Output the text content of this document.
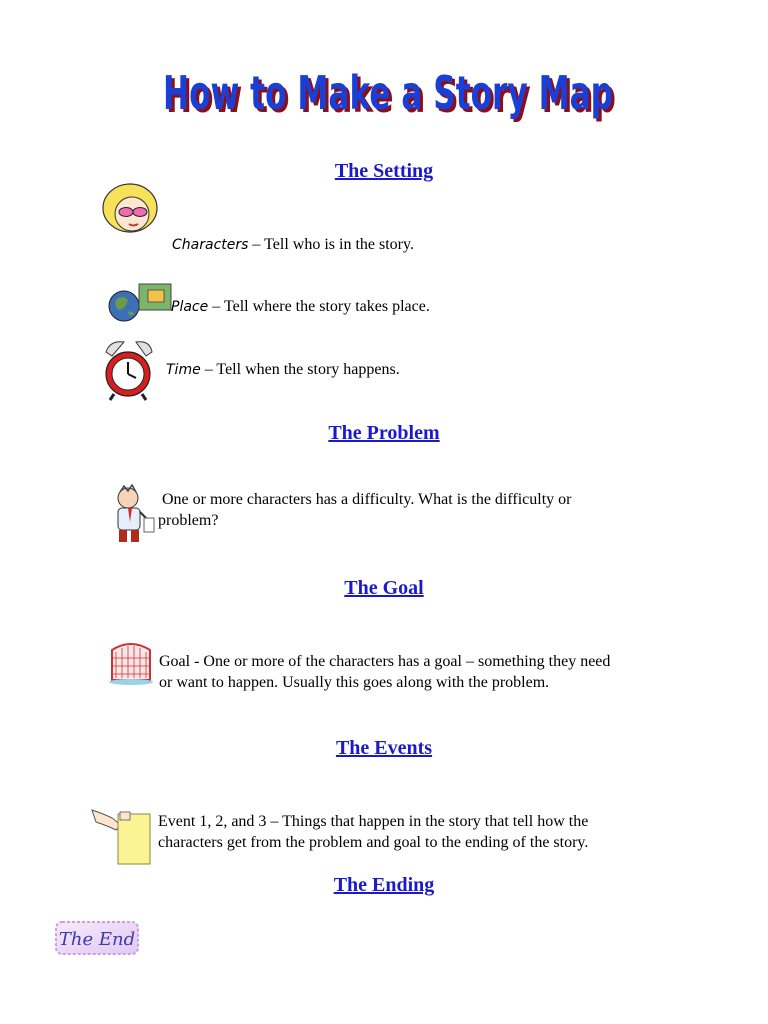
How to Make a Story Map
How to Make a Story Map
The Setting
Characters – Tell who is in the story.
Place – Tell where the story takes place.
Time – Tell when the story happens.
The Problem
One or more characters has a difficulty. What is the difficulty or
problem?
The Goal
Goal - One or more of the characters has a goal – something they need
or want to happen. Usually this goes along with the problem.
The Events
Event 1, 2, and 3 – Things that happen in the story that tell how the
characters get from the problem and goal to the ending of the story.
The Ending
The End
